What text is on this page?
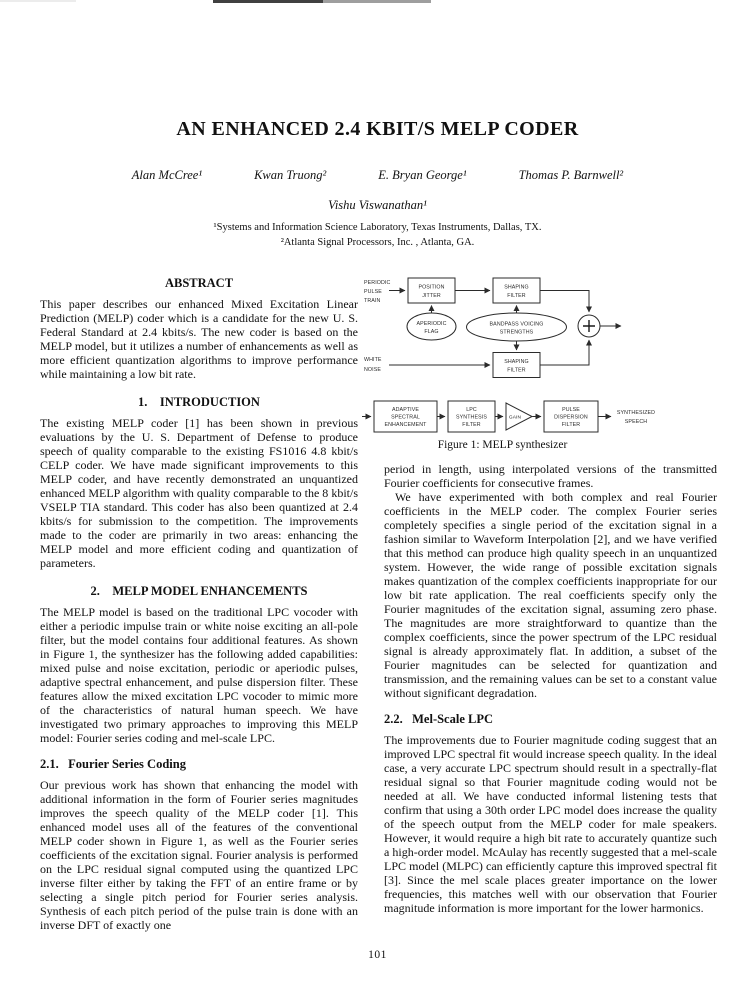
AN ENHANCED 2.4 KBIT/S MELP CODER
Alan McCree¹	Kwan Truong²	E. Bryan George¹	Thomas P. Barnwell²
Vishu Viswanathan¹
¹Systems and Information Science Laboratory, Texas Instruments, Dallas, TX.
²Atlanta Signal Processors, Inc. , Atlanta, GA.
ABSTRACT

This paper describes our enhanced Mixed Excitation Linear Prediction (MELP) coder which is a candidate for the new U. S. Federal Standard at 2.4 kbits/s. The new coder is based on the MELP model, but it utilizes a number of enhancements as well as more efficient quantization algorithms to improve performance while maintaining a low bit rate.

1.    INTRODUCTION

The existing MELP coder [1] has been shown in previous evaluations by the U. S. Department of Defense to produce speech of quality comparable to the existing FS1016 4.8 kbit/s CELP coder. We have made significant improvements to this MELP coder, and have recently demonstrated an unquantized enhanced MELP algorithm with quality comparable to the 8 kbit/s VSELP TIA standard. This coder has also been quantized at 2.4 kbits/s for submission to the competition. The improvements made to the coder are primarily in two areas: enhancing the MELP model and more efficient coding and quantization of parameters.

2.    MELP MODEL ENHANCEMENTS

The MELP model is based on the traditional LPC vocoder with either a periodic impulse train or white noise exciting an all-pole filter, but the model contains four additional features. As shown in Figure 1, the synthesizer has the following added capabilities: mixed pulse and noise excitation, periodic or aperiodic pulses, adaptive spectral enhancement, and pulse dispersion filter. These features allow the mixed excitation LPC vocoder to mimic more of the characteristics of natural human speech. We have investigated two primary approaches to improving this MELP model: Fourier series coding and mel-scale LPC.

2.1.   Fourier Series Coding

Our previous work has shown that enhancing the model with additional information in the form of Fourier series magnitudes improves the speech quality of the MELP coder [1]. This enhanced model uses all of the features of the conventional MELP coder shown in Figure 1, as well as the Fourier series coefficients of the excitation signal. Fourier analysis is performed on the LPC residual signal computed using the quantized LPC inverse filter either by taking the FFT of an entire frame or by selecting a single pitch period for Fourier series analysis. Synthesis of each pitch period of the pulse train is done with an inverse DFT of exactly one

PERIODIC
PULSE
TRAIN
POSITION
JITTER
SHAPING
FILTER
APERIODIC
FLAG
BANDPASS VOICING
STRENGTHS
WHITE
NOISE
SHAPING
FILTER
ADAPTIVE
SPECTRAL
ENHANCEMENT
LPC
SYNTHESIS
FILTER
GAIN
PULSE
DISPERSION
FILTER
SYNTHESIZED
SPEECH
Figure 1: MELP synthesizer

period in length, using interpolated versions of the transmitted Fourier coefficients for consecutive frames.

We have experimented with both complex and real Fourier coefficients in the MELP coder. The complex Fourier series completely specifies a single period of the excitation signal in a fashion similar to Waveform Interpolation [2], and we have verified that this method can produce high quality speech in an unquantized system. However, the wide range of possible excitation signals makes quantization of the complex coefficients inappropriate for our low bit rate application. The real coefficients specify only the Fourier magnitudes of the excitation signal, assuming zero phase. The magnitudes are more straightforward to quantize than the complex coefficients, since the power spectrum of the LPC residual signal is already approximately flat. In addition, a subset of the Fourier magnitudes can be selected for quantization and transmission, and the remaining values can be set to a constant value without significant degradation.

2.2.   Mel-Scale LPC

The improvements due to Fourier magnitude coding suggest that an improved LPC spectral fit would increase speech quality. In the ideal case, a very accurate LPC spectrum should result in a spectrally-flat residual signal so that Fourier magnitude coding would not be needed at all. We have conducted informal listening tests that confirm that using a 30th order LPC model does increase the quality of the speech output from the MELP coder for male speakers. However, it would require a high bit rate to accurately quantize such a high-order model. McAulay has recently suggested that a mel-scale LPC model (MLPC) can efficiently capture this improved spectral fit [3]. Since the mel scale places greater importance on the lower frequencies, this matches well with our observation that Fourier magnitude information is more important for the lower harmonics.

101
